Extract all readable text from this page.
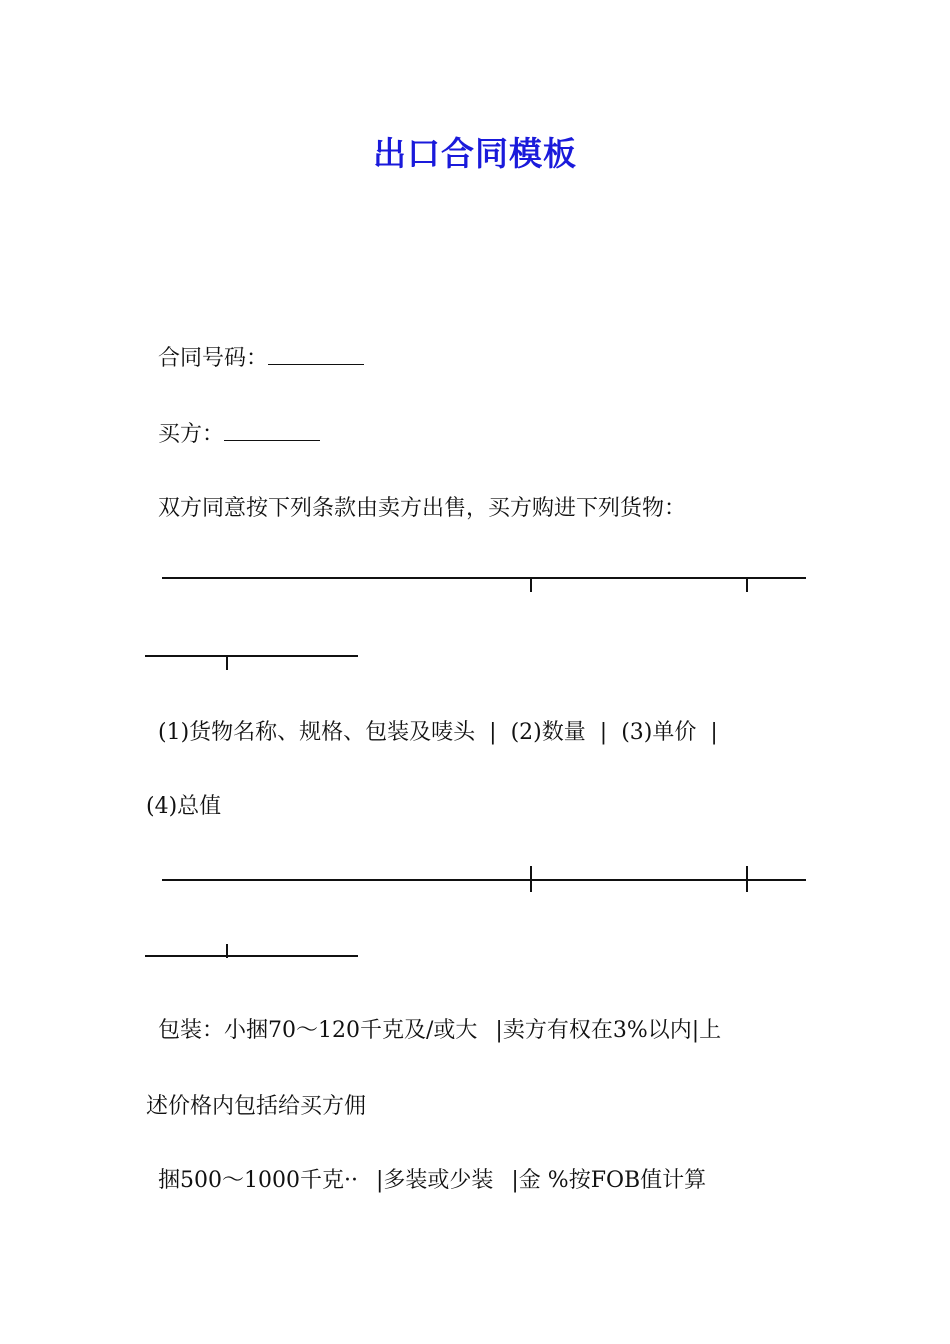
出口合同模板
合同号码：
买方：
双方同意按下列条款由卖方出售，买方购进下列货物：
(1)货物名称、规格、包装及唛头 | (2)数量 | (3)单价 |
(4)总值
包装：小捆70～120千克及/或大 |卖方有权在3%以内|上
述价格内包括给买方佣
捆500～1000千克·· |多装或少装 |金 %按FOB值计算
